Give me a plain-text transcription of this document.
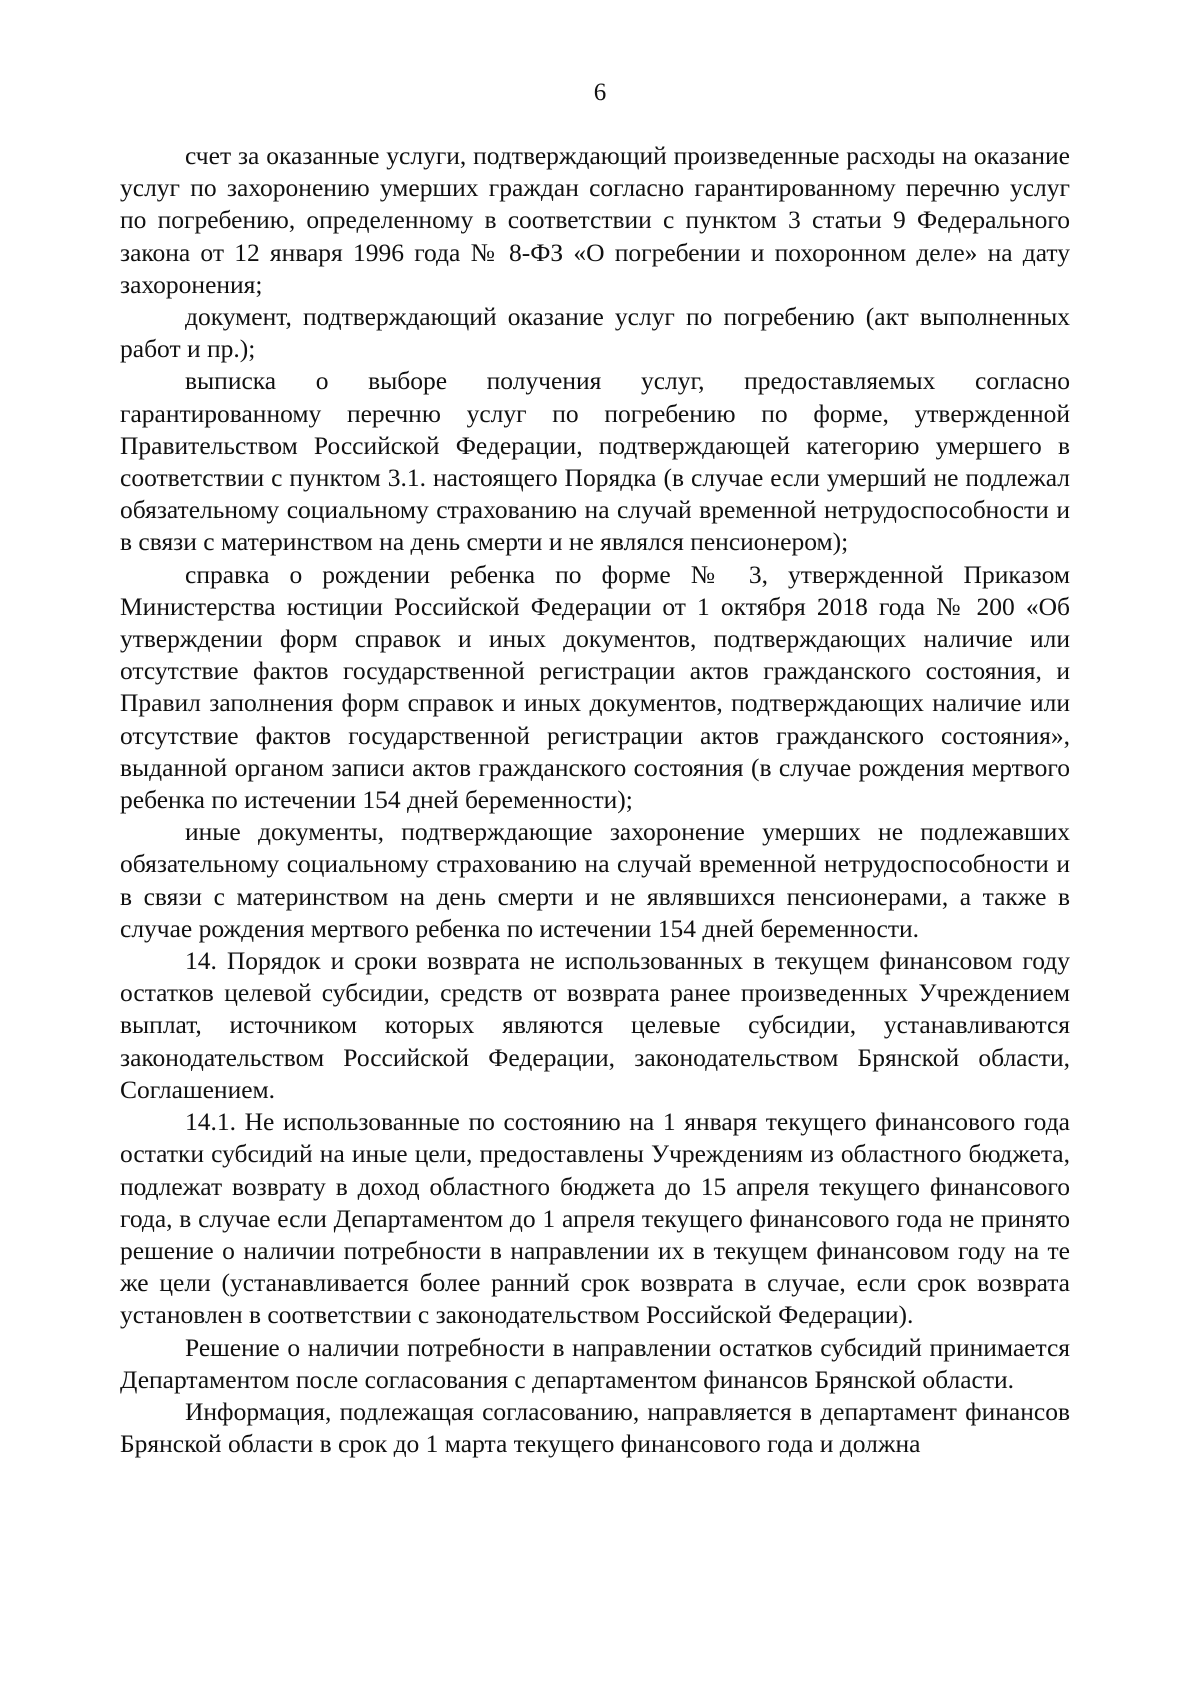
6

счет за оказанные услуги, подтверждающий произведенные расходы на оказание услуг по захоронению умерших граждан согласно гарантированному перечню услуг по погребению, определенному в соответствии с пунктом 3 статьи 9 Федерального закона от 12 января 1996 года № 8-ФЗ «О погребении и похоронном деле» на дату захоронения;

документ, подтверждающий оказание услуг по погребению (акт выполненных работ и пр.);

выписка о выборе получения услуг, предоставляемых согласно гарантированному перечню услуг по погребению по форме, утвержденной Правительством Российской Федерации, подтверждающей категорию умершего в соответствии с пунктом 3.1. настоящего Порядка (в случае если умерший не подлежал обязательному социальному страхованию на случай временной нетрудоспособности и в связи с материнством на день смерти и не являлся пенсионером);

справка о рождении ребенка по форме № 3, утвержденной Приказом Министерства юстиции Российской Федерации от 1 октября 2018 года № 200 «Об утверждении форм справок и иных документов, подтверждающих наличие или отсутствие фактов государственной регистрации актов гражданского состояния, и Правил заполнения форм справок и иных документов, подтверждающих наличие или отсутствие фактов государственной регистрации актов гражданского состояния», выданной органом записи актов гражданского состояния (в случае рождения мертвого ребенка по истечении 154 дней беременности);

иные документы, подтверждающие захоронение умерших не подлежавших обязательному социальному страхованию на случай временной нетрудоспособности и в связи с материнством на день смерти и не являвшихся пенсионерами, а также в случае рождения мертвого ребенка по истечении 154 дней беременности.

14. Порядок и сроки возврата не использованных в текущем финансовом году остатков целевой субсидии, средств от возврата ранее произведенных Учреждением выплат, источником которых являются целевые субсидии, устанавливаются законодательством Российской Федерации, законодательством Брянской области, Соглашением.

14.1. Не использованные по состоянию на 1 января текущего финансового года остатки субсидий на иные цели, предоставлены Учреждениям из областного бюджета, подлежат возврату в доход областного бюджета до 15 апреля текущего финансового года, в случае если Департаментом до 1 апреля текущего финансового года не принято решение о наличии потребности в направлении их в текущем финансовом году на те же цели (устанавливается более ранний срок возврата в случае, если срок возврата установлен в соответствии с законодательством Российской Федерации).

Решение о наличии потребности в направлении остатков субсидий принимается Департаментом после согласования с департаментом финансов Брянской области.

Информация, подлежащая согласованию, направляется в департамент финансов Брянской области в срок до 1 марта текущего финансового года и должна
